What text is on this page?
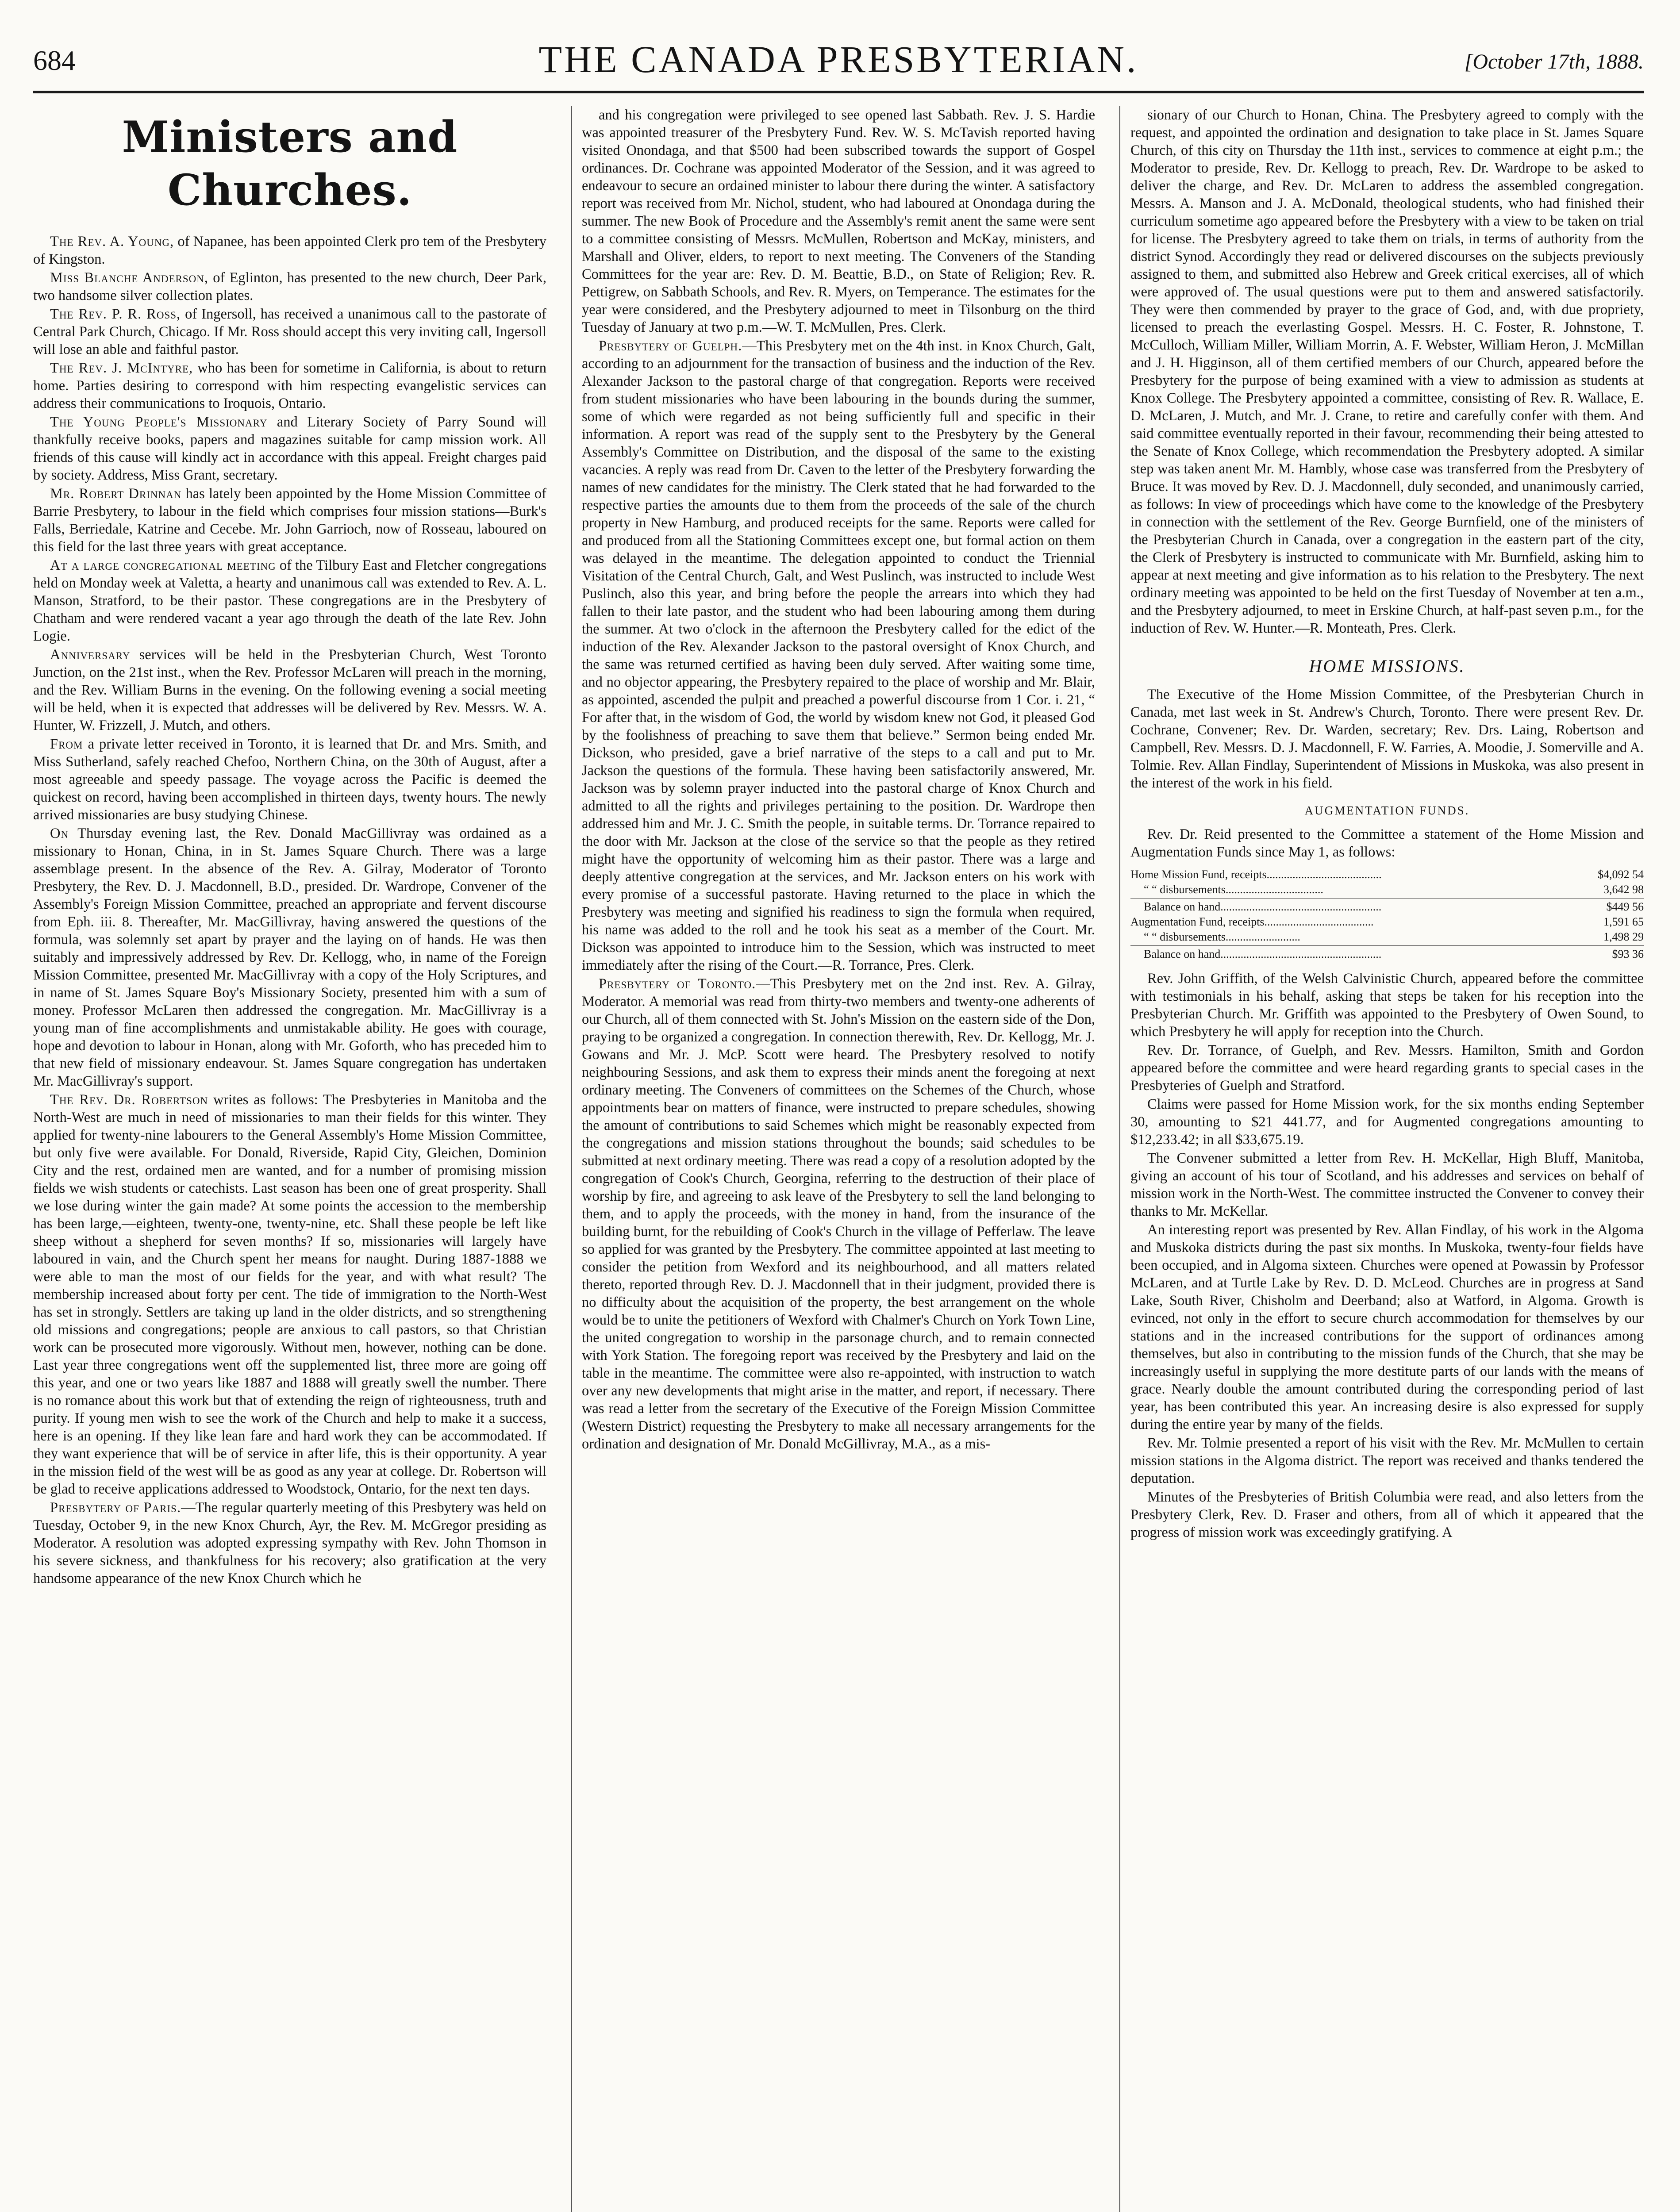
684	THE CANADA PRESBYTERIAN.	[October 17th, 1888.
Ministers and Churches.

The Rev. A. Young, of Napanee, has been appointed Clerk pro tem of the Presbytery of Kingston.

Miss Blanche Anderson, of Eglinton, has presented to the new church, Deer Park, two handsome silver collection plates.

The Rev. P. R. Ross, of Ingersoll, has received a unanimous call to the pastorate of Central Park Church, Chicago. If Mr. Ross should accept this very inviting call, Ingersoll will lose an able and faithful pastor.

The Rev. J. McIntyre, who has been for sometime in California, is about to return home. Parties desiring to correspond with him respecting evangelistic services can address their communications to Iroquois, Ontario.

The Young People's Missionary and Literary Society of Parry Sound will thankfully receive books, papers and magazines suitable for camp mission work. All friends of this cause will kindly act in accordance with this appeal. Freight charges paid by society. Address, Miss Grant, secretary.

Mr. Robert Drinnan has lately been appointed by the Home Mission Committee of Barrie Presbytery, to labour in the field which comprises four mission stations—Burk's Falls, Berriedale, Katrine and Cecebe. Mr. John Garrioch, now of Rosseau, laboured on this field for the last three years with great acceptance.

At a large congregational meeting of the Tilbury East and Fletcher congregations held on Monday week at Valetta, a hearty and unanimous call was extended to Rev. A. L. Manson, Stratford, to be their pastor. These congregations are in the Presbytery of Chatham and were rendered vacant a year ago through the death of the late Rev. John Logie.

Anniversary services will be held in the Presbyterian Church, West Toronto Junction, on the 21st inst., when the Rev. Professor McLaren will preach in the morning, and the Rev. William Burns in the evening. On the following evening a social meeting will be held, when it is expected that addresses will be delivered by Rev. Messrs. W. A. Hunter, W. Frizzell, J. Mutch, and others.

From a private letter received in Toronto, it is learned that Dr. and Mrs. Smith, and Miss Sutherland, safely reached Chefoo, Northern China, on the 30th of August, after a most agreeable and speedy passage. The voyage across the Pacific is deemed the quickest on record, having been accomplished in thirteen days, twenty hours. The newly arrived missionaries are busy studying Chinese.

On Thursday evening last, the Rev. Donald MacGillivray was ordained as a missionary to Honan, China, in in St. James Square Church. There was a large assemblage present. In the absence of the Rev. A. Gilray, Moderator of Toronto Presbytery, the Rev. D. J. Macdonnell, B.D., presided. Dr. Wardrope, Convener of the Assembly's Foreign Mission Committee, preached an appropriate and fervent discourse from Eph. iii. 8. Thereafter, Mr. MacGillivray, having answered the questions of the formula, was solemnly set apart by prayer and the laying on of hands. He was then suitably and impressively addressed by Rev. Dr. Kellogg, who, in name of the Foreign Mission Committee, presented Mr. MacGillivray with a copy of the Holy Scriptures, and in name of St. James Square Boy's Missionary Society, presented him with a sum of money. Professor McLaren then addressed the congregation. Mr. MacGillivray is a young man of fine accomplishments and unmistakable ability. He goes with courage, hope and devotion to labour in Honan, along with Mr. Goforth, who has preceded him to that new field of missionary endeavour. St. James Square congregation has undertaken Mr. MacGillivray's support.

The Rev. Dr. Robertson writes as follows: The Presbyteries in Manitoba and the North-West are much in need of missionaries to man their fields for this winter. They applied for twenty-nine labourers to the General Assembly's Home Mission Committee, but only five were available. For Donald, Riverside, Rapid City, Gleichen, Dominion City and the rest, ordained men are wanted, and for a number of promising mission fields we wish students or catechists. Last season has been one of great prosperity. Shall we lose during winter the gain made? At some points the accession to the membership has been large,—eighteen, twenty-one, twenty-nine, etc. Shall these people be left like sheep without a shepherd for seven months? If so, missionaries will largely have laboured in vain, and the Church spent her means for naught. During 1887-1888 we were able to man the most of our fields for the year, and with what result? The membership increased about forty per cent. The tide of immigration to the North-West has set in strongly. Settlers are taking up land in the older districts, and so strengthening old missions and congregations; people are anxious to call pastors, so that Christian work can be prosecuted more vigorously. Without men, however, nothing can be done. Last year three congregations went off the supplemented list, three more are going off this year, and one or two years like 1887 and 1888 will greatly swell the number. There is no romance about this work but that of extending the reign of righteousness, truth and purity. If young men wish to see the work of the Church and help to make it a success, here is an opening. If they like lean fare and hard work they can be accommodated. If they want experience that will be of service in after life, this is their opportunity. A year in the mission field of the west will be as good as any year at college. Dr. Robertson will be glad to receive applications addressed to Woodstock, Ontario, for the next ten days.

Presbytery of Paris.—The regular quarterly meeting of this Presbytery was held on Tuesday, October 9, in the new Knox Church, Ayr, the Rev. M. McGregor presiding as Moderator. A resolution was adopted expressing sympathy with Rev. John Thomson in his severe sickness, and thankfulness for his recovery; also gratification at the very handsome appearance of the new Knox Church which he

and his congregation were privileged to see opened last Sabbath. Rev. J. S. Hardie was appointed treasurer of the Presbytery Fund. Rev. W. S. McTavish reported having visited Onondaga, and that $500 had been subscribed towards the support of Gospel ordinances. Dr. Cochrane was appointed Moderator of the Session, and it was agreed to endeavour to secure an ordained minister to labour there during the winter. A satisfactory report was received from Mr. Nichol, student, who had laboured at Onondaga during the summer. The new Book of Procedure and the Assembly's remit anent the same were sent to a committee consisting of Messrs. McMullen, Robertson and McKay, ministers, and Marshall and Oliver, elders, to report to next meeting. The Conveners of the Standing Committees for the year are: Rev. D. M. Beattie, B.D., on State of Religion; Rev. R. Pettigrew, on Sabbath Schools, and Rev. R. Myers, on Temperance. The estimates for the year were considered, and the Presbytery adjourned to meet in Tilsonburg on the third Tuesday of January at two p.m.—W. T. McMullen, Pres. Clerk.

Presbytery of Guelph.—This Presbytery met on the 4th inst. in Knox Church, Galt, according to an adjournment for the transaction of business and the induction of the Rev. Alexander Jackson to the pastoral charge of that congregation. Reports were received from student missionaries who have been labouring in the bounds during the summer, some of which were regarded as not being sufficiently full and specific in their information. A report was read of the supply sent to the Presbytery by the General Assembly's Committee on Distribution, and the disposal of the same to the existing vacancies. A reply was read from Dr. Caven to the letter of the Presbytery forwarding the names of new candidates for the ministry. The Clerk stated that he had forwarded to the respective parties the amounts due to them from the proceeds of the sale of the church property in New Hamburg, and produced receipts for the same. Reports were called for and produced from all the Stationing Committees except one, but formal action on them was delayed in the meantime. The delegation appointed to conduct the Triennial Visitation of the Central Church, Galt, and West Puslinch, was instructed to include West Puslinch, also this year, and bring before the people the arrears into which they had fallen to their late pastor, and the student who had been labouring among them during the summer. At two o'clock in the afternoon the Presbytery called for the edict of the induction of the Rev. Alexander Jackson to the pastoral oversight of Knox Church, and the same was returned certified as having been duly served. After waiting some time, and no objector appearing, the Presbytery repaired to the place of worship and Mr. Blair, as appointed, ascended the pulpit and preached a powerful discourse from 1 Cor. i. 21, “ For after that, in the wisdom of God, the world by wisdom knew not God, it pleased God by the foolishness of preaching to save them that believe.” Sermon being ended Mr. Dickson, who presided, gave a brief narrative of the steps to a call and put to Mr. Jackson the questions of the formula. These having been satisfactorily answered, Mr. Jackson was by solemn prayer inducted into the pastoral charge of Knox Church and admitted to all the rights and privileges pertaining to the position. Dr. Wardrope then addressed him and Mr. J. C. Smith the people, in suitable terms. Dr. Torrance repaired to the door with Mr. Jackson at the close of the service so that the people as they retired might have the opportunity of welcoming him as their pastor. There was a large and deeply attentive congregation at the services, and Mr. Jackson enters on his work with every promise of a successful pastorate. Having returned to the place in which the Presbytery was meeting and signified his readiness to sign the formula when required, his name was added to the roll and he took his seat as a member of the Court. Mr. Dickson was appointed to introduce him to the Session, which was instructed to meet immediately after the rising of the Court.—R. Torrance, Pres. Clerk.

Presbytery of Toronto.—This Presbytery met on the 2nd inst. Rev. A. Gilray, Moderator. A memorial was read from thirty-two members and twenty-one adherents of our Church, all of them connected with St. John's Mission on the eastern side of the Don, praying to be organized a congregation. In connection therewith, Rev. Dr. Kellogg, Mr. J. Gowans and Mr. J. McP. Scott were heard. The Presbytery resolved to notify neighbouring Sessions, and ask them to express their minds anent the foregoing at next ordinary meeting. The Conveners of committees on the Schemes of the Church, whose appointments bear on matters of finance, were instructed to prepare schedules, showing the amount of contributions to said Schemes which might be reasonably expected from the congregations and mission stations throughout the bounds; said schedules to be submitted at next ordinary meeting. There was read a copy of a resolution adopted by the congregation of Cook's Church, Georgina, referring to the destruction of their place of worship by fire, and agreeing to ask leave of the Presbytery to sell the land belonging to them, and to apply the proceeds, with the money in hand, from the insurance of the building burnt, for the rebuilding of Cook's Church in the village of Pefferlaw. The leave so applied for was granted by the Presbytery. The committee appointed at last meeting to consider the petition from Wexford and its neighbourhood, and all matters related thereto, reported through Rev. D. J. Macdonnell that in their judgment, provided there is no difficulty about the acquisition of the property, the best arrangement on the whole would be to unite the petitioners of Wexford with Chalmer's Church on York Town Line, the united congregation to worship in the parsonage church, and to remain connected with York Station. The foregoing report was received by the Presbytery and laid on the table in the meantime. The committee were also re-appointed, with instruction to watch over any new developments that might arise in the matter, and report, if necessary. There was read a letter from the secretary of the Executive of the Foreign Mission Committee (Western District) requesting the Presbytery to make all necessary arrangements for the ordination and designation of Mr. Donald McGillivray, M.A., as a mis-

sionary of our Church to Honan, China. The Presbytery agreed to comply with the request, and appointed the ordination and designation to take place in St. James Square Church, of this city on Thursday the 11th inst., services to commence at eight p.m.; the Moderator to preside, Rev. Dr. Kellogg to preach, Rev. Dr. Wardrope to be asked to deliver the charge, and Rev. Dr. McLaren to address the assembled congregation. Messrs. A. Manson and J. A. McDonald, theological students, who had finished their curriculum sometime ago appeared before the Presbytery with a view to be taken on trial for license. The Presbytery agreed to take them on trials, in terms of authority from the district Synod. Accordingly they read or delivered discourses on the subjects previously assigned to them, and submitted also Hebrew and Greek critical exercises, all of which were approved of. The usual questions were put to them and answered satisfactorily. They were then commended by prayer to the grace of God, and, with due propriety, licensed to preach the everlasting Gospel. Messrs. H. C. Foster, R. Johnstone, T. McCulloch, William Miller, William Morrin, A. F. Webster, William Heron, J. McMillan and J. H. Higginson, all of them certified members of our Church, appeared before the Presbytery for the purpose of being examined with a view to admission as students at Knox College. The Presbytery appointed a committee, consisting of Rev. R. Wallace, E. D. McLaren, J. Mutch, and Mr. J. Crane, to retire and carefully confer with them. And said committee eventually reported in their favour, recommending their being attested to the Senate of Knox College, which recommendation the Presbytery adopted. A similar step was taken anent Mr. M. Hambly, whose case was transferred from the Presbytery of Bruce. It was moved by Rev. D. J. Macdonnell, duly seconded, and unanimously carried, as follows: In view of proceedings which have come to the knowledge of the Presbytery in connection with the settlement of the Rev. George Burnfield, one of the ministers of the Presbyterian Church in Canada, over a congregation in the eastern part of the city, the Clerk of Presbytery is instructed to communicate with Mr. Burnfield, asking him to appear at next meeting and give information as to his relation to the Presbytery. The next ordinary meeting was appointed to be held on the first Tuesday of November at ten a.m., and the Presbytery adjourned, to meet in Erskine Church, at half-past seven p.m., for the induction of Rev. W. Hunter.—R. Monteath, Pres. Clerk.

HOME MISSIONS.

The Executive of the Home Mission Committee, of the Presbyterian Church in Canada, met last week in St. Andrew's Church, Toronto. There were present Rev. Dr. Cochrane, Convener; Rev. Dr. Warden, secretary; Rev. Drs. Laing, Robertson and Campbell, Rev. Messrs. D. J. Macdonnell, F. W. Farries, A. Moodie, J. Somerville and A. Tolmie. Rev. Allan Findlay, Superintendent of Missions in Muskoka, was also present in the interest of the work in his field.

AUGMENTATION FUNDS.

Rev. Dr. Reid presented to the Committee a statement of the Home Mission and Augmentation Funds since May 1, as follows:

Home Mission Fund, receipts........................................	$4,092 54
“ “ disbursements..................................	3,642 98
Balance on hand........................................................	$449 56
Augmentation Fund, receipts......................................	1,591 65
“ “ disbursements..........................	1,498 29
Balance on hand........................................................	$93 36

Rev. John Griffith, of the Welsh Calvinistic Church, appeared before the committee with testimonials in his behalf, asking that steps be taken for his reception into the Presbyterian Church. Mr. Griffith was appointed to the Presbytery of Owen Sound, to which Presbytery he will apply for reception into the Church.

Rev. Dr. Torrance, of Guelph, and Rev. Messrs. Hamilton, Smith and Gordon appeared before the committee and were heard regarding grants to special cases in the Presbyteries of Guelph and Stratford.

Claims were passed for Home Mission work, for the six months ending September 30, amounting to $21 441.77, and for Augmented congregations amounting to $12,233.42; in all $33,675.19.

The Convener submitted a letter from Rev. H. McKellar, High Bluff, Manitoba, giving an account of his tour of Scotland, and his addresses and services on behalf of mission work in the North-West. The committee instructed the Convener to convey their thanks to Mr. McKellar.

An interesting report was presented by Rev. Allan Findlay, of his work in the Algoma and Muskoka districts during the past six months. In Muskoka, twenty-four fields have been occupied, and in Algoma sixteen. Churches were opened at Powassin by Professor McLaren, and at Turtle Lake by Rev. D. D. McLeod. Churches are in progress at Sand Lake, South River, Chisholm and Deerband; also at Watford, in Algoma. Growth is evinced, not only in the effort to secure church accommodation for themselves by our stations and in the increased contributions for the support of ordinances among themselves, but also in contributing to the mission funds of the Church, that she may be increasingly useful in supplying the more destitute parts of our lands with the means of grace. Nearly double the amount contributed during the corresponding period of last year, has been contributed this year. An increasing desire is also expressed for supply during the entire year by many of the fields.

Rev. Mr. Tolmie presented a report of his visit with the Rev. Mr. McMullen to certain mission stations in the Algoma district. The report was received and thanks tendered the deputation.

Minutes of the Presbyteries of British Columbia were read, and also letters from the Presbytery Clerk, Rev. D. Fraser and others, from all of which it appeared that the progress of mission work was exceedingly gratifying. A
